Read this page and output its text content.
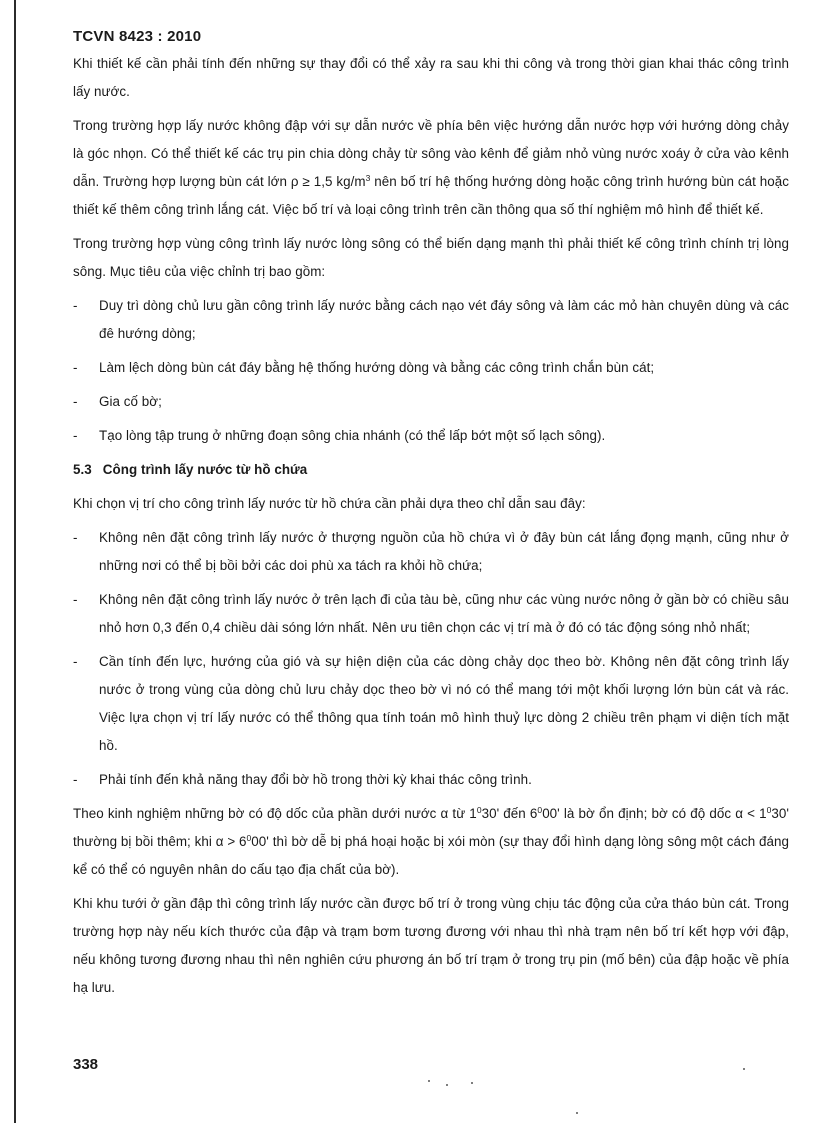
TCVN 8423 : 2010

Khi thiết kế cần phải tính đến những sự thay đổi có thể xảy ra sau khi thi công và trong thời gian khai thác công trình lấy nước.

Trong trường hợp lấy nước không đập với sự dẫn nước về phía bên việc hướng dẫn nước hợp với hướng dòng chảy là góc nhọn. Có thể thiết kế các trụ pin chia dòng chảy từ sông vào kênh để giảm nhỏ vùng nước xoáy ở cửa vào kênh dẫn. Trường hợp lượng bùn cát lớn ρ ≥ 1,5 $kg/m^3$ nên bố trí hệ thống hướng dòng hoặc công trình hướng bùn cát hoặc thiết kế thêm công trình lắng cát. Việc bố trí và loại công trình trên cần thông qua số thí nghiệm mô hình để thiết kế.

Trong trường hợp vùng công trình lấy nước lòng sông có thể biến dạng mạnh thì phải thiết kế công trình chính trị lòng sông. Mục tiêu của việc chỉnh trị bao gồm:

- Duy trì dòng chủ lưu gần công trình lấy nước bằng cách nạo vét đáy sông và làm các mỏ hàn chuyên dùng và các đê hướng dòng;
- Làm lệch dòng bùn cát đáy bằng hệ thống hướng dòng và bằng các công trình chắn bùn cát;
- Gia cố bờ;
- Tạo lòng tập trung ở những đoạn sông chia nhánh (có thể lấp bớt một số lạch sông).
5.3 Công trình lấy nước từ hồ chứa

Khi chọn vị trí cho công trình lấy nước từ hồ chứa cần phải dựa theo chỉ dẫn sau đây:

- Không nên đặt công trình lấy nước ở thượng nguồn của hồ chứa vì ở đây bùn cát lắng đọng mạnh, cũng như ở những nơi có thể bị bồi bởi các doi phù xa tách ra khỏi hồ chứa;
- Không nên đặt công trình lấy nước ở trên lạch đi của tàu bè, cũng như các vùng nước nông ở gần bờ có chiều sâu nhỏ hơn 0,3 đến 0,4 chiều dài sóng lớn nhất. Nên ưu tiên chọn các vị trí mà ở đó có tác động sóng nhỏ nhất;
- Cần tính đến lực, hướng của gió và sự hiện diện của các dòng chảy dọc theo bờ. Không nên đặt công trình lấy nước ở trong vùng của dòng chủ lưu chảy dọc theo bờ vì nó có thể mang tới một khối lượng lớn bùn cát và rác. Việc lựa chọn vị trí lấy nước có thể thông qua tính toán mô hình thuỷ lực dòng 2 chiều trên phạm vi diện tích mặt hồ.
- Phải tính đến khả năng thay đổi bờ hồ trong thời kỳ khai thác công trình.

Theo kinh nghiệm những bờ có độ dốc của phần dưới nước α từ $1^030'$ đến $6^000'$ là bờ ổn định; bờ có độ dốc $\alpha < 1^030'$ thường bị bồi thêm; khi $\alpha > 6^000'$ thì bờ dễ bị phá hoại hoặc bị xói mòn (sự thay đổi hình dạng lòng sông một cách đáng kể có thể có nguyên nhân do cấu tạo địa chất của bờ).

Khi khu tưới ở gần đập thì công trình lấy nước cần được bố trí ở trong vùng chịu tác động của cửa tháo bùn cát. Trong trường hợp này nếu kích thước của đập và trạm bơm tương đương với nhau thì nhà trạm nên bố trí kết hợp với đập, nếu không tương đương nhau thì nên nghiên cứu phương án bố trí trạm ở trong trụ pin (mố bên) của đập hoặc về phía hạ lưu.

338
